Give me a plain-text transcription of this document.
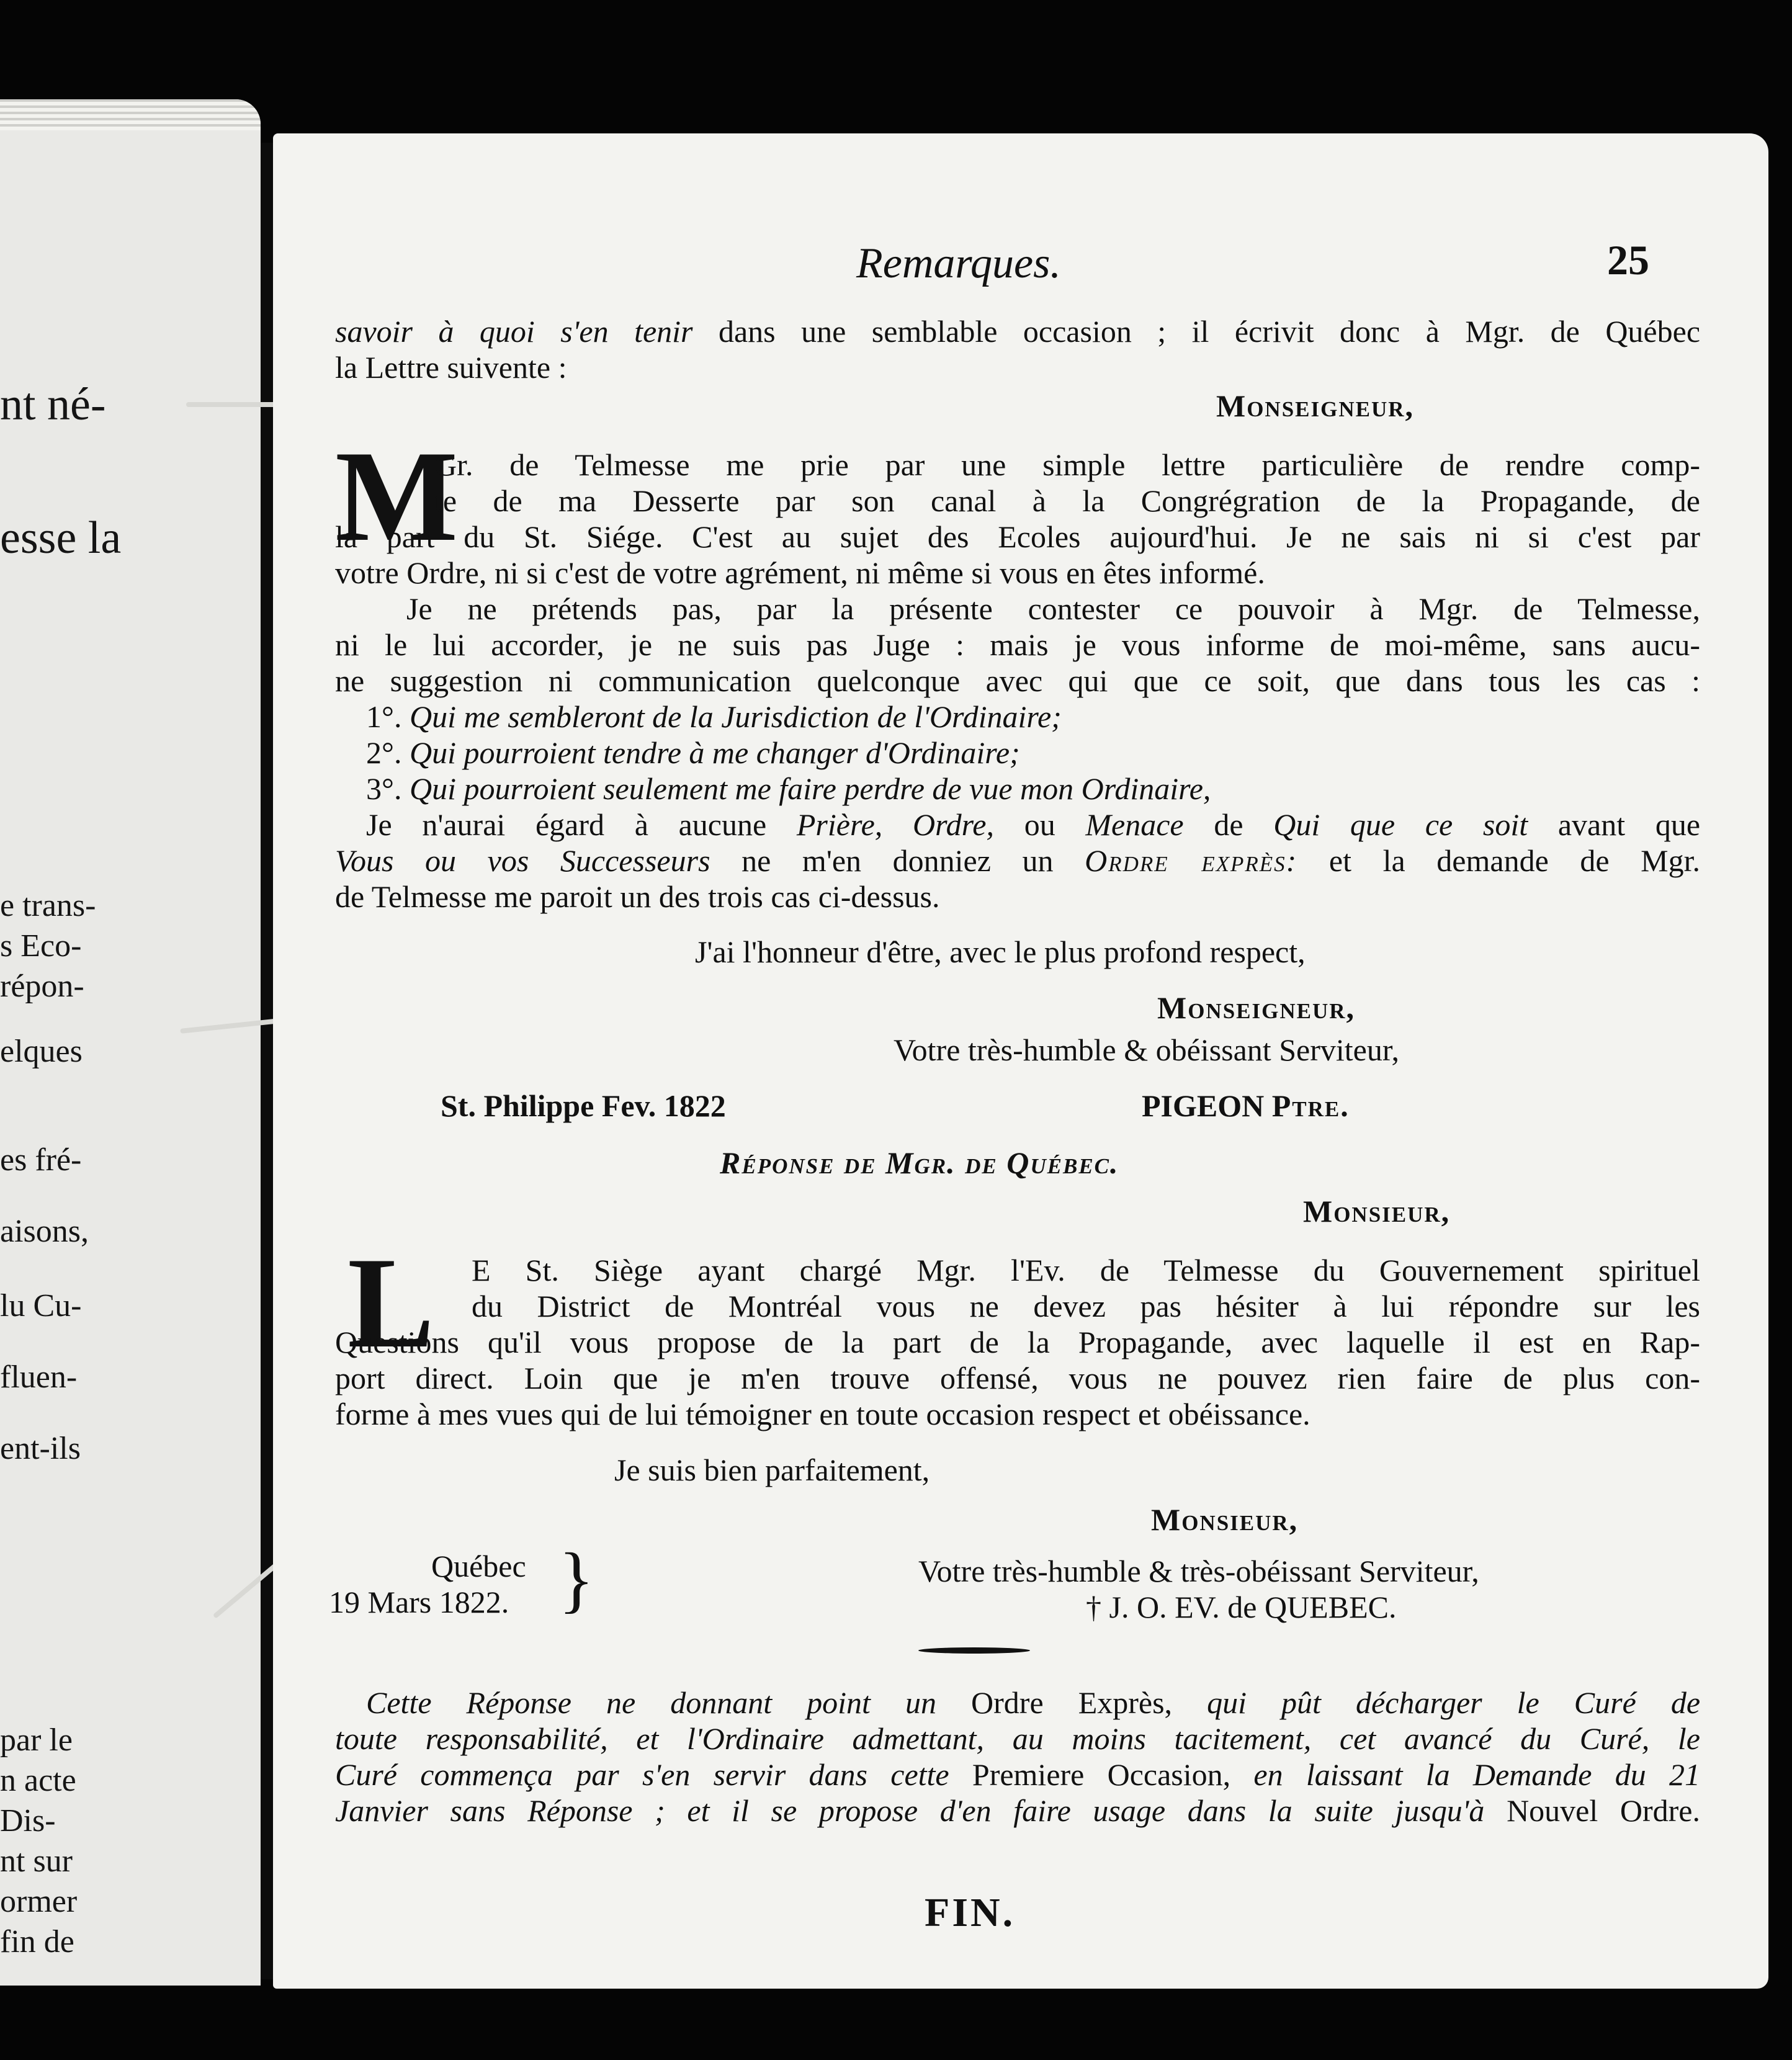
nt né-
esse la
e trans-
s Eco-
répon-
elques
es fré-
aisons,
lu Cu-
fluen-
ent-ils
par le
n acte
Dis-
nt sur
ormer
fin de
Remarques.	25
savoir à quoi s'en tenir dans une semblable occasion ; il écrivit donc à Mgr. de Québec
la Lettre suivente :
Monseigneur,
M
Gr. de Telmesse me prie par une simple lettre particulière de rendre comp-
te de ma Desserte par son canal à la Congrégration de la Propagande, de
la part du St. Siége. C'est au sujet des Ecoles aujourd'hui. Je ne sais ni si c'est par
votre Ordre, ni si c'est de votre agrément, ni même si vous en êtes informé.
Je ne prétends pas, par la présente contester ce pouvoir à Mgr. de Telmesse,
ni le lui accorder, je ne suis pas Juge : mais je vous informe de moi-même, sans aucu-
ne suggestion ni communication quelconque avec qui que ce soit, que dans tous les cas :
1°. Qui me sembleront de la Jurisdiction de l'Ordinaire;
2°. Qui pourroient tendre à me changer d'Ordinaire;
3°. Qui pourroient seulement me faire perdre de vue mon Ordinaire,
Je n'aurai égard à aucune Prière, Ordre, ou Menace de Qui que ce soit avant que
Vous ou vos Successeurs ne m'en donniez un Ordre exprès: et la demande de Mgr.
de Telmesse me paroit un des trois cas ci-dessus.
J'ai l'honneur d'être, avec le plus profond respect,
Monseigneur,
Votre très-humble & obéissant Serviteur,
St. Philippe Fev. 1822	PIGEON Ptre.
Réponse de Mgr. de Québec.
Monsieur,
L E St. Siège ayant chargé Mgr. l'Ev. de Telmesse du Gouvernement spirituel
du District de Montréal vous ne devez pas hésiter à lui répondre sur les
Questions qu'il vous propose de la part de la Propagande, avec laquelle il est en Rap-
port direct. Loin que je m'en trouve offensé, vous ne pouvez rien faire de plus con-
forme à mes vues qui de lui témoigner en toute occasion respect et obéissance.
Je suis bien parfaitement,
Monsieur,
Québec
19 Mars 1822. }	Votre très-humble & très-obéissant Serviteur,
† J. O. EV. de QUEBEC.
Cette Réponse ne donnant point un Ordre Exprès, qui pût décharger le Curé de
toute responsabilité, et l'Ordinaire admettant, au moins tacitement, cet avancé du Curé, le
Curé commença par s'en servir dans cette Premiere Occasion, en laissant la Demande du 21
Janvier sans Réponse ; et il se propose d'en faire usage dans la suite jusqu'à Nouvel Ordre.
FIN.
